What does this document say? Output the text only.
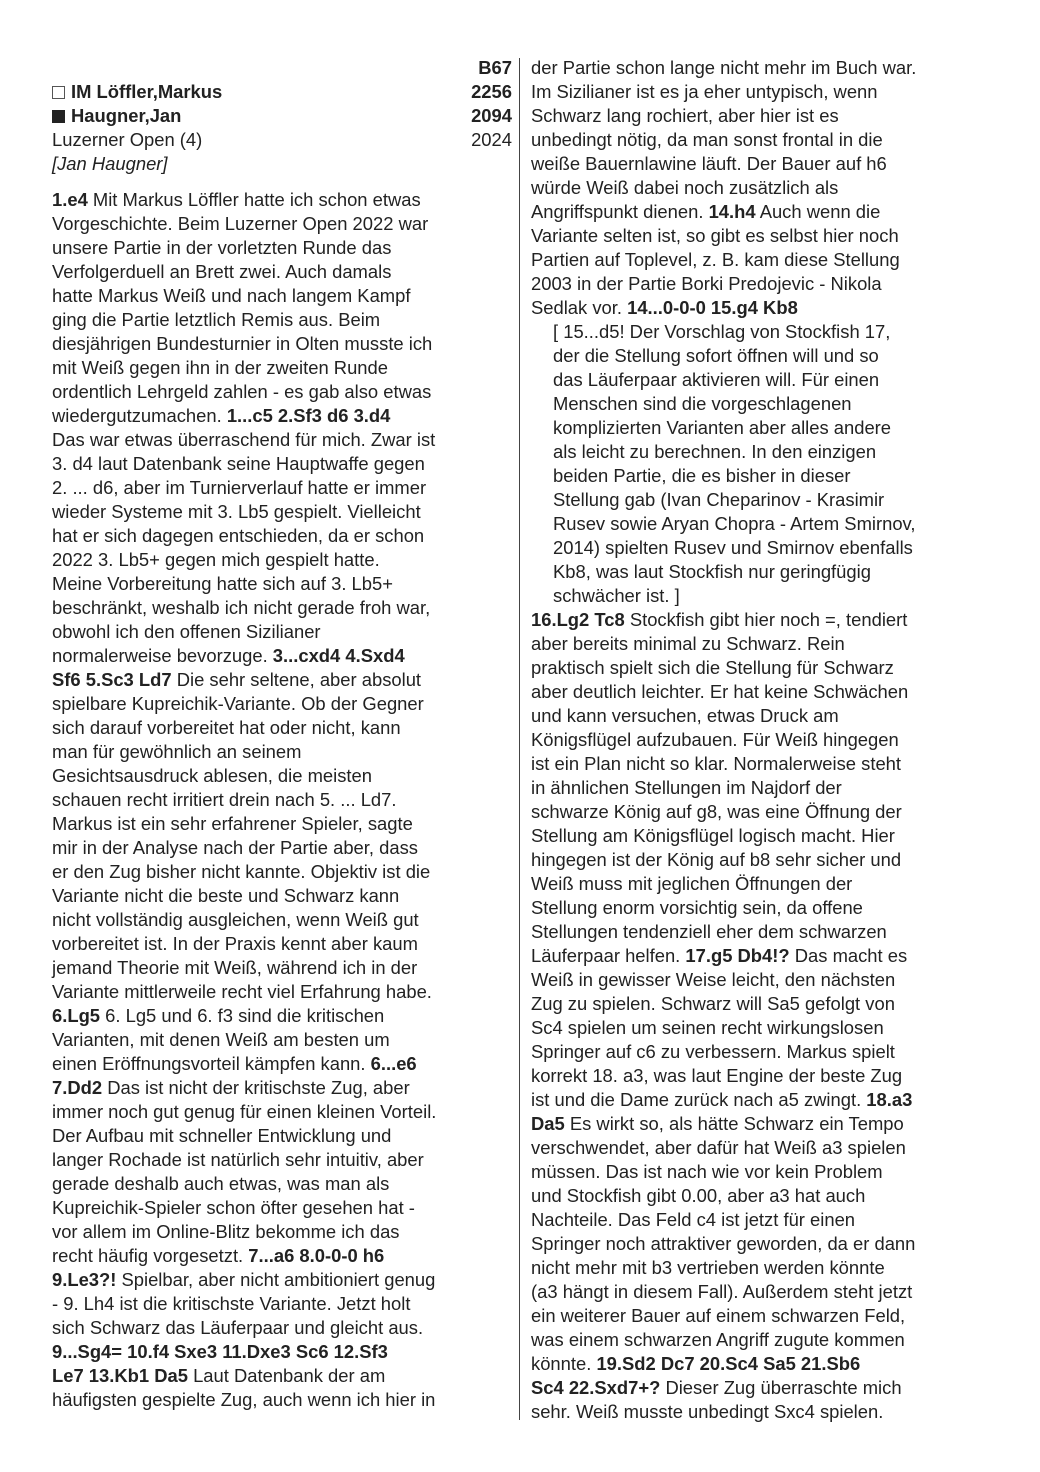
B67
IM Löffler,Markus	2256
Haugner,Jan	2094
Luzerner Open (4)	2024
[Jan Haugner]
1.e4 Mit Markus Löffler hatte ich schon etwas
Vorgeschichte. Beim Luzerner Open 2022 war
unsere Partie in der vorletzten Runde das
Verfolgerduell an Brett zwei. Auch damals
hatte Markus Weiß und nach langem Kampf
ging die Partie letztlich Remis aus. Beim
diesjährigen Bundesturnier in Olten musste ich
mit Weiß gegen ihn in der zweiten Runde
ordentlich Lehrgeld zahlen - es gab also etwas
wiedergutzumachen. 1...c5 2.Sf3 d6 3.d4
Das war etwas überraschend für mich. Zwar ist
3. d4 laut Datenbank seine Hauptwaffe gegen
2. ... d6, aber im Turnierverlauf hatte er immer
wieder Systeme mit 3. Lb5 gespielt. Vielleicht
hat er sich dagegen entschieden, da er schon
2022 3. Lb5+ gegen mich gespielt hatte.
Meine Vorbereitung hatte sich auf 3. Lb5+
beschränkt, weshalb ich nicht gerade froh war,
obwohl ich den offenen Sizilianer
normalerweise bevorzuge. 3...cxd4 4.Sxd4
Sf6 5.Sc3 Ld7 Die sehr seltene, aber absolut
spielbare Kupreichik-Variante. Ob der Gegner
sich darauf vorbereitet hat oder nicht, kann
man für gewöhnlich an seinem
Gesichtsausdruck ablesen, die meisten
schauen recht irritiert drein nach 5. ... Ld7.
Markus ist ein sehr erfahrener Spieler, sagte
mir in der Analyse nach der Partie aber, dass
er den Zug bisher nicht kannte. Objektiv ist die
Variante nicht die beste und Schwarz kann
nicht vollständig ausgleichen, wenn Weiß gut
vorbereitet ist. In der Praxis kennt aber kaum
jemand Theorie mit Weiß, während ich in der
Variante mittlerweile recht viel Erfahrung habe.
6.Lg5 6. Lg5 und 6. f3 sind die kritischen
Varianten, mit denen Weiß am besten um
einen Eröffnungsvorteil kämpfen kann. 6...e6
7.Dd2 Das ist nicht der kritischste Zug, aber
immer noch gut genug für einen kleinen Vorteil.
Der Aufbau mit schneller Entwicklung und
langer Rochade ist natürlich sehr intuitiv, aber
gerade deshalb auch etwas, was man als
Kupreichik-Spieler schon öfter gesehen hat -
vor allem im Online-Blitz bekomme ich das
recht häufig vorgesetzt. 7...a6 8.0-0-0 h6
9.Le3?! Spielbar, aber nicht ambitioniert genug
- 9. Lh4 ist die kritischste Variante. Jetzt holt
sich Schwarz das Läuferpaar und gleicht aus.
9...Sg4= 10.f4 Sxe3 11.Dxe3 Sc6 12.Sf3
Le7 13.Kb1 Da5 Laut Datenbank der am
häufigsten gespielte Zug, auch wenn ich hier in
der Partie schon lange nicht mehr im Buch war.
Im Sizilianer ist es ja eher untypisch, wenn
Schwarz lang rochiert, aber hier ist es
unbedingt nötig, da man sonst frontal in die
weiße Bauernlawine läuft. Der Bauer auf h6
würde Weiß dabei noch zusätzlich als
Angriffspunkt dienen. 14.h4 Auch wenn die
Variante selten ist, so gibt es selbst hier noch
Partien auf Toplevel, z. B. kam diese Stellung
2003 in der Partie Borki Predojevic - Nikola
Sedlak vor. 14...0-0-0 15.g4 Kb8
[ 15...d5! Der Vorschlag von Stockfish 17,
der die Stellung sofort öffnen will und so
das Läuferpaar aktivieren will. Für einen
Menschen sind die vorgeschlagenen
komplizierten Varianten aber alles andere
als leicht zu berechnen. In den einzigen
beiden Partie, die es bisher in dieser
Stellung gab (Ivan Cheparinov - Krasimir
Rusev sowie Aryan Chopra - Artem Smirnov,
2014) spielten Rusev und Smirnov ebenfalls
Kb8, was laut Stockfish nur geringfügig
schwächer ist. ]
16.Lg2 Tc8 Stockfish gibt hier noch =, tendiert
aber bereits minimal zu Schwarz. Rein
praktisch spielt sich die Stellung für Schwarz
aber deutlich leichter. Er hat keine Schwächen
und kann versuchen, etwas Druck am
Königsflügel aufzubauen. Für Weiß hingegen
ist ein Plan nicht so klar. Normalerweise steht
in ähnlichen Stellungen im Najdorf der
schwarze König auf g8, was eine Öffnung der
Stellung am Königsflügel logisch macht. Hier
hingegen ist der König auf b8 sehr sicher und
Weiß muss mit jeglichen Öffnungen der
Stellung enorm vorsichtig sein, da offene
Stellungen tendenziell eher dem schwarzen
Läuferpaar helfen. 17.g5 Db4!? Das macht es
Weiß in gewisser Weise leicht, den nächsten
Zug zu spielen. Schwarz will Sa5 gefolgt von
Sc4 spielen um seinen recht wirkungslosen
Springer auf c6 zu verbessern. Markus spielt
korrekt 18. a3, was laut Engine der beste Zug
ist und die Dame zurück nach a5 zwingt. 18.a3
Da5 Es wirkt so, als hätte Schwarz ein Tempo
verschwendet, aber dafür hat Weiß a3 spielen
müssen. Das ist nach wie vor kein Problem
und Stockfish gibt 0.00, aber a3 hat auch
Nachteile. Das Feld c4 ist jetzt für einen
Springer noch attraktiver geworden, da er dann
nicht mehr mit b3 vertrieben werden könnte
(a3 hängt in diesem Fall). Außerdem steht jetzt
ein weiterer Bauer auf einem schwarzen Feld,
was einem schwarzen Angriff zugute kommen
könnte. 19.Sd2 Dc7 20.Sc4 Sa5 21.Sb6
Sc4 22.Sxd7+? Dieser Zug überraschte mich
sehr. Weiß musste unbedingt Sxc4 spielen.
